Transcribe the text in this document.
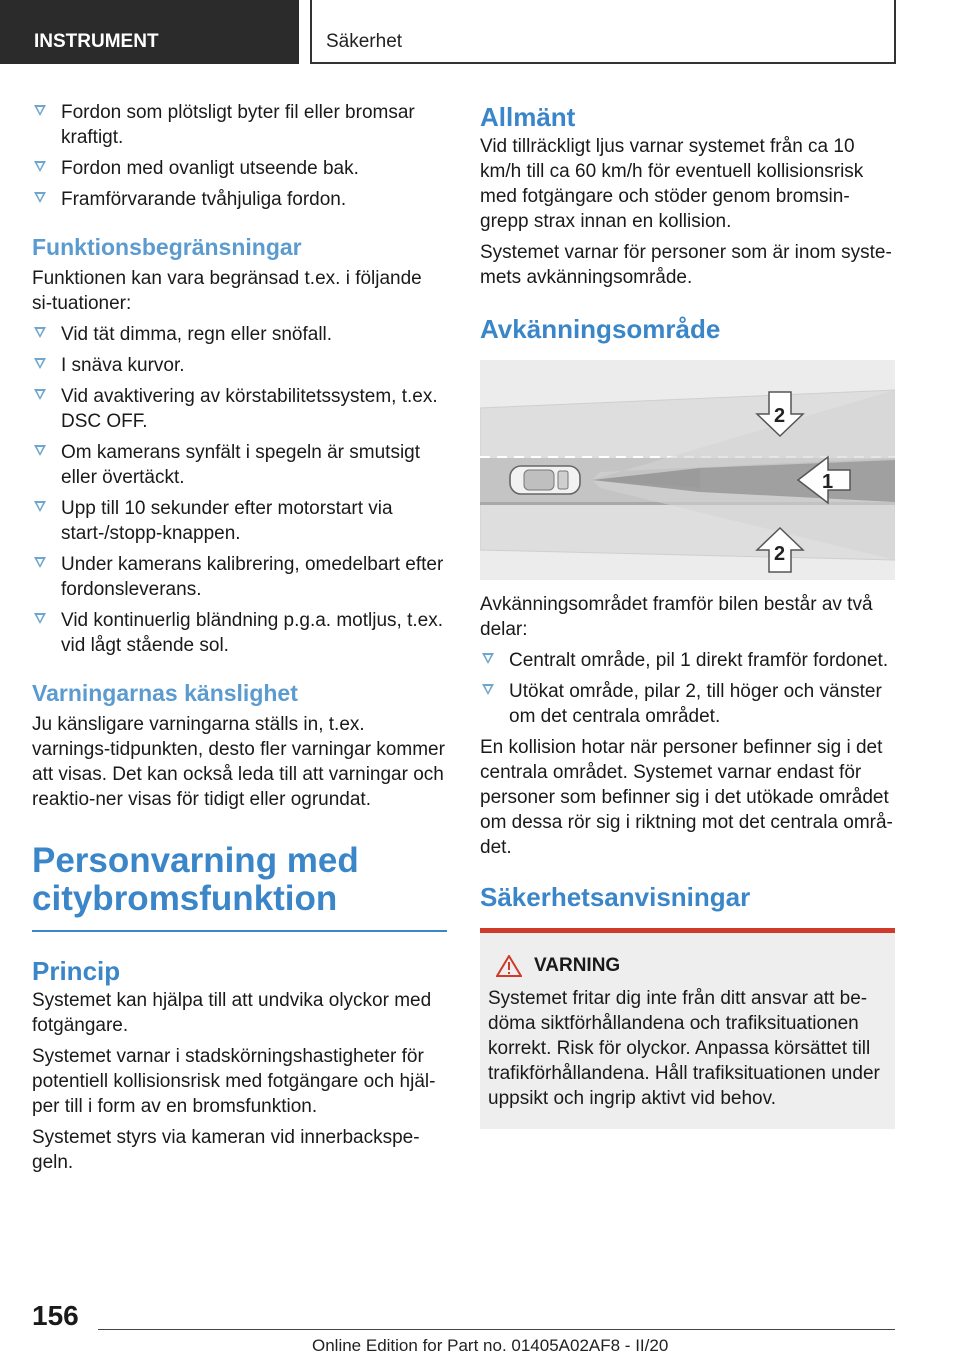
INSTRUMENT	Säkerhet
Fordon som plötsligt byter fil eller bromsar kraftigt.
Fordon med ovanligt utseende bak.
Framförvarande tvåhjuliga fordon.
Funktionsbegränsningar

Funktionen kan vara begränsad t.ex. i följande si-tuationer:

Vid tät dimma, regn eller snöfall.
I snäva kurvor.
Vid avaktivering av körstabilitetssystem, t.ex. DSC OFF.
Om kamerans synfält i spegeln är smutsigt eller övertäckt.
Upp till 10 sekunder efter motorstart via start-/stopp-knappen.
Under kamerans kalibrering, omedelbart efter fordonsleverans.
Vid kontinuerlig bländning p.g.a. motljus, t.ex. vid lågt stående sol.
Varningarnas känslighet

Ju känsligare varningarna ställs in, t.ex. varnings-tidpunkten, desto fler varningar kommer att visas. Det kan också leda till att varningar och reaktio-ner visas för tidigt eller ogrundat.

Personvarning med citybromsfunktion
Princip

Systemet kan hjälpa till att undvika olyckor med fotgängare.

Systemet varnar i stadskörningshastigheter för potentiell kollisionsrisk med fotgängare och hjäl-per till i form av en bromsfunktion.

Systemet styrs via kameran vid innerbackspe-geln.

Allmänt

Vid tillräckligt ljus varnar systemet från ca 10 km/h till ca 60 km/h för eventuell kollisionsrisk med fotgängare och stöder genom bromsin-grepp strax innan en kollision.

Systemet varnar för personer som är inom syste-mets avkänningsområde.

Avkänningsområde
1
2
2

Avkänningsområdet framför bilen består av två delar:

Centralt område, pil 1 direkt framför fordonet.
Utökat område, pilar 2, till höger och vänster om det centrala området.

En kollision hotar när personer befinner sig i det centrala området. Systemet varnar endast för personer som befinner sig i det utökade området om dessa rör sig i riktning mot det centrala områ-det.

Säkerhetsanvisningar
VARNING

Systemet fritar dig inte från ditt ansvar att be-döma siktförhållandena och trafiksituationen korrekt. Risk för olyckor. Anpassa körsättet till trafikförhållandena. Håll trafiksituationen under uppsikt och ingrip aktivt vid behov.

156
Online Edition for Part no. 01405A02AF8 - II/20
